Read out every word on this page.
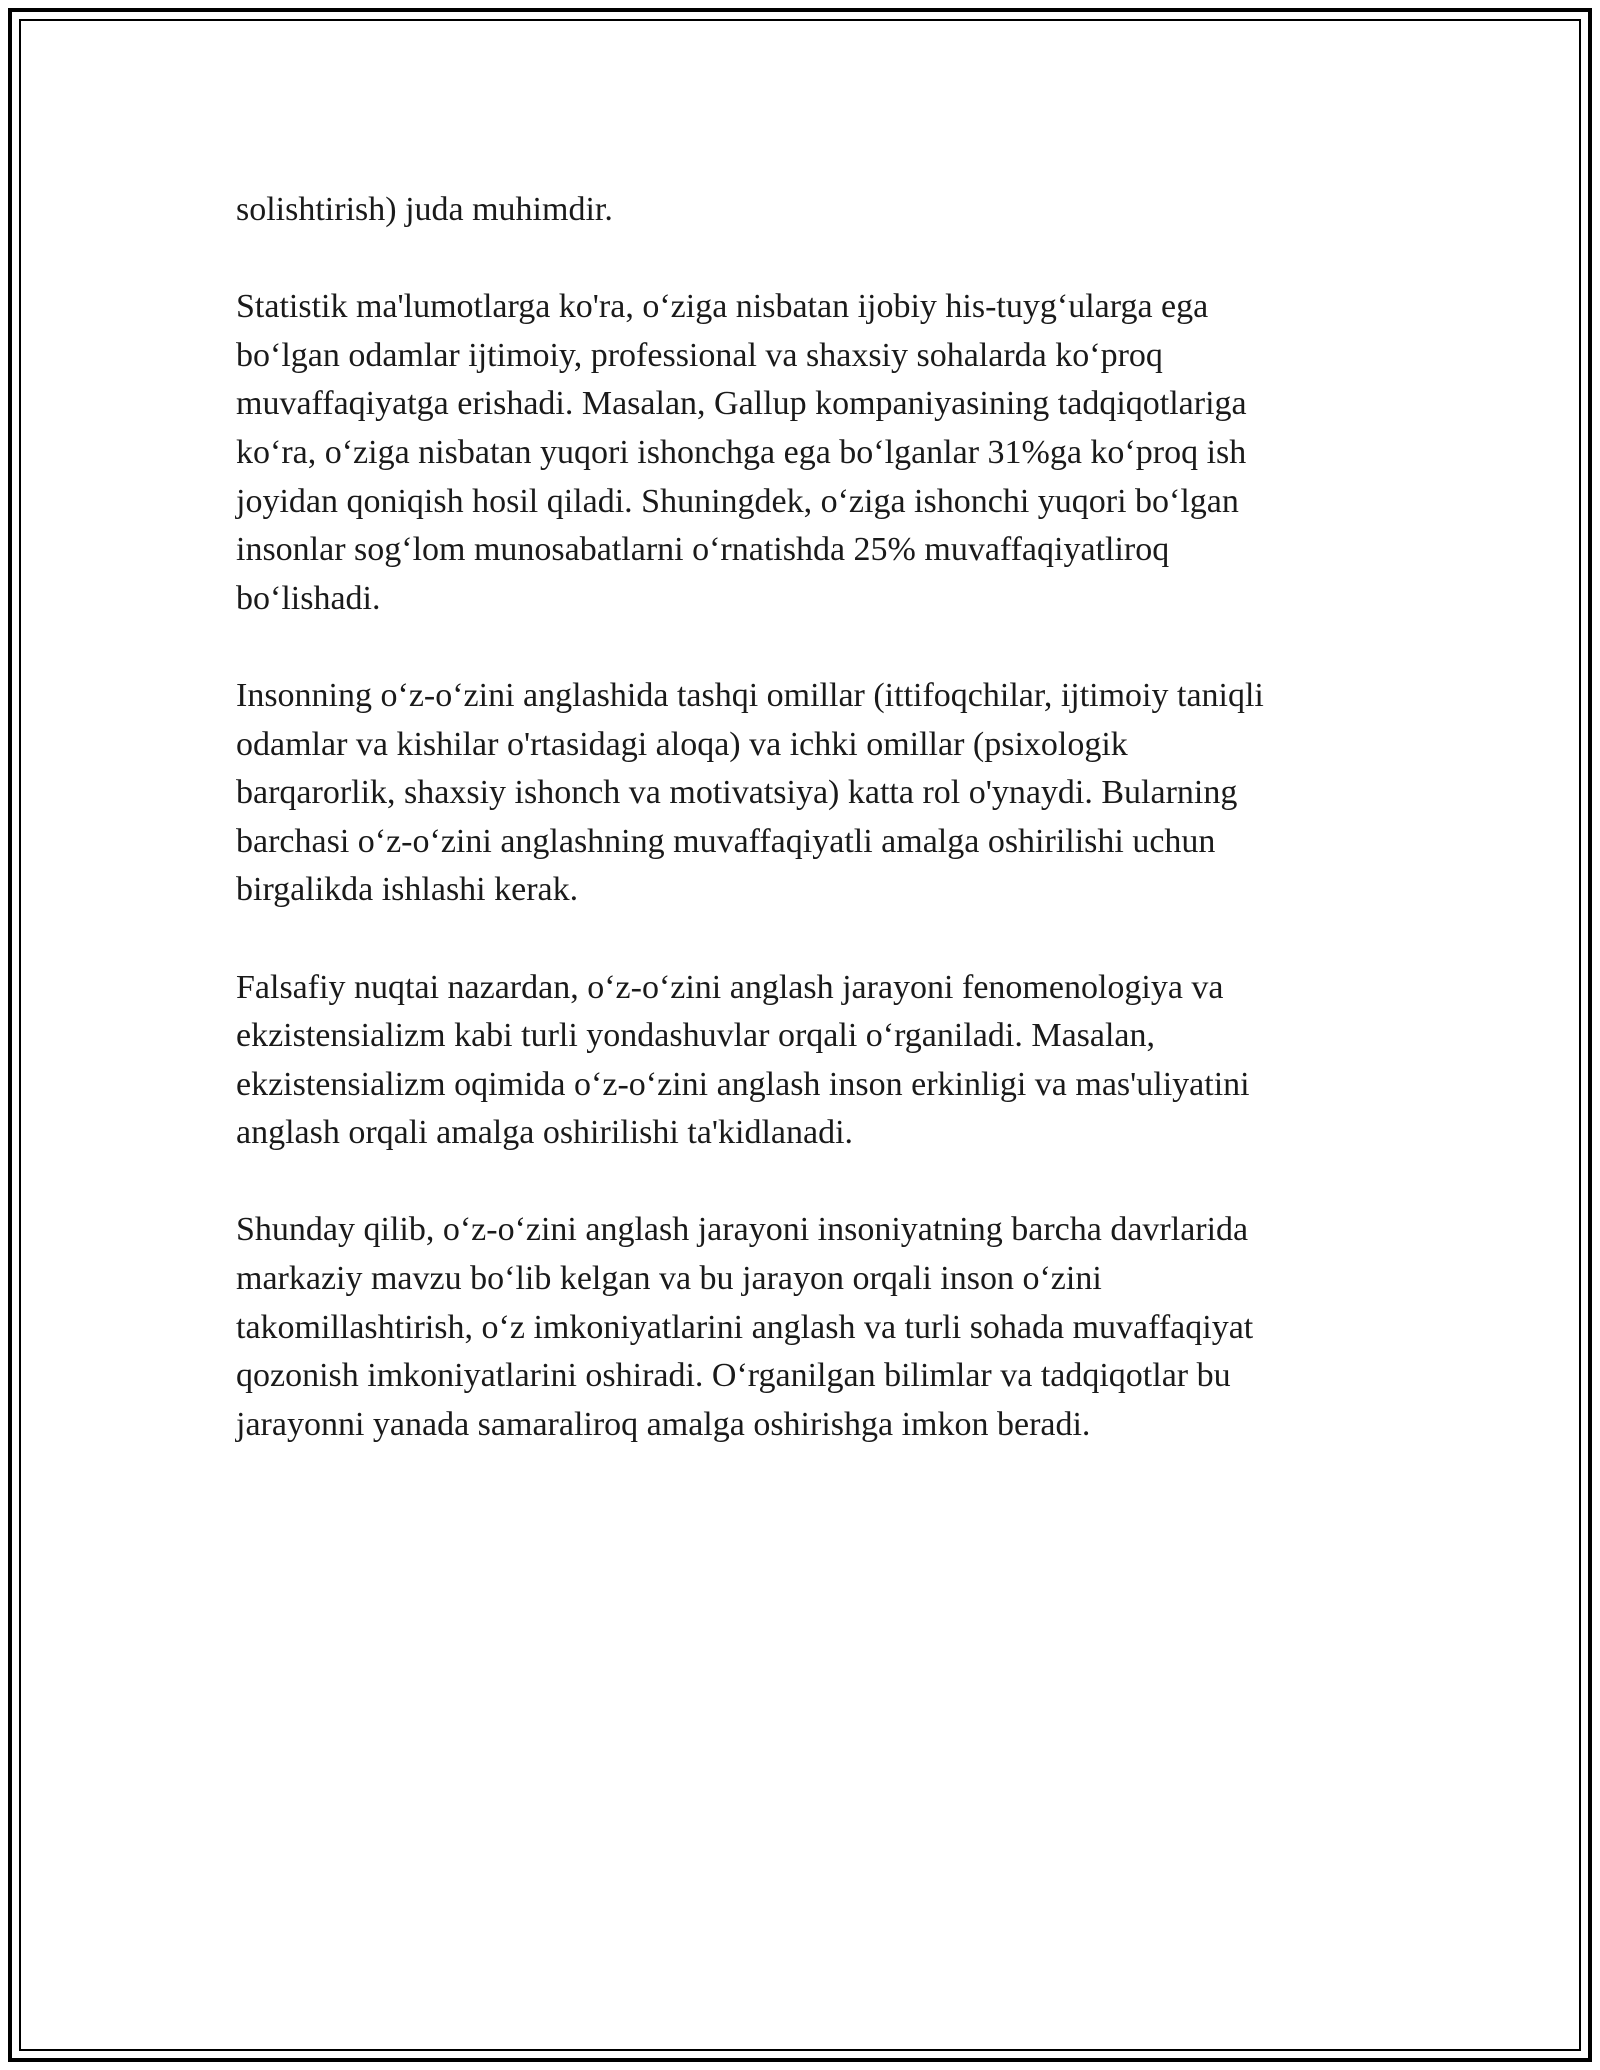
solishtirish) juda muhimdir.

Statistik ma'lumotlarga ko'ra, o‘ziga nisbatan ijobiy his-tuyg‘ularga ega
bo‘lgan odamlar ijtimoiy, professional va shaxsiy sohalarda ko‘proq
muvaffaqiyatga erishadi. Masalan, Gallup kompaniyasining tadqiqotlariga
ko‘ra, o‘ziga nisbatan yuqori ishonchga ega bo‘lganlar 31%ga ko‘proq ish
joyidan qoniqish hosil qiladi. Shuningdek, o‘ziga ishonchi yuqori bo‘lgan
insonlar sog‘lom munosabatlarni o‘rnatishda 25% muvaffaqiyatliroq
bo‘lishadi.

Insonning o‘z-o‘zini anglashida tashqi omillar (ittifoqchilar, ijtimoiy taniqli
odamlar va kishilar o'rtasidagi aloqa) va ichki omillar (psixologik
barqarorlik, shaxsiy ishonch va motivatsiya) katta rol o'ynaydi. Bularning
barchasi o‘z-o‘zini anglashning muvaffaqiyatli amalga oshirilishi uchun
birgalikda ishlashi kerak.

Falsafiy nuqtai nazardan, o‘z-o‘zini anglash jarayoni fenomenologiya va
ekzistensializm kabi turli yondashuvlar orqali o‘rganiladi. Masalan,
ekzistensializm oqimida o‘z-o‘zini anglash inson erkinligi va mas'uliyatini
anglash orqali amalga oshirilishi ta'kidlanadi.

Shunday qilib, o‘z-o‘zini anglash jarayoni insoniyatning barcha davrlarida
markaziy mavzu bo‘lib kelgan va bu jarayon orqali inson o‘zini
takomillashtirish, o‘z imkoniyatlarini anglash va turli sohada muvaffaqiyat
qozonish imkoniyatlarini oshiradi. O‘rganilgan bilimlar va tadqiqotlar bu
jarayonni yanada samaraliroq amalga oshirishga imkon beradi.
